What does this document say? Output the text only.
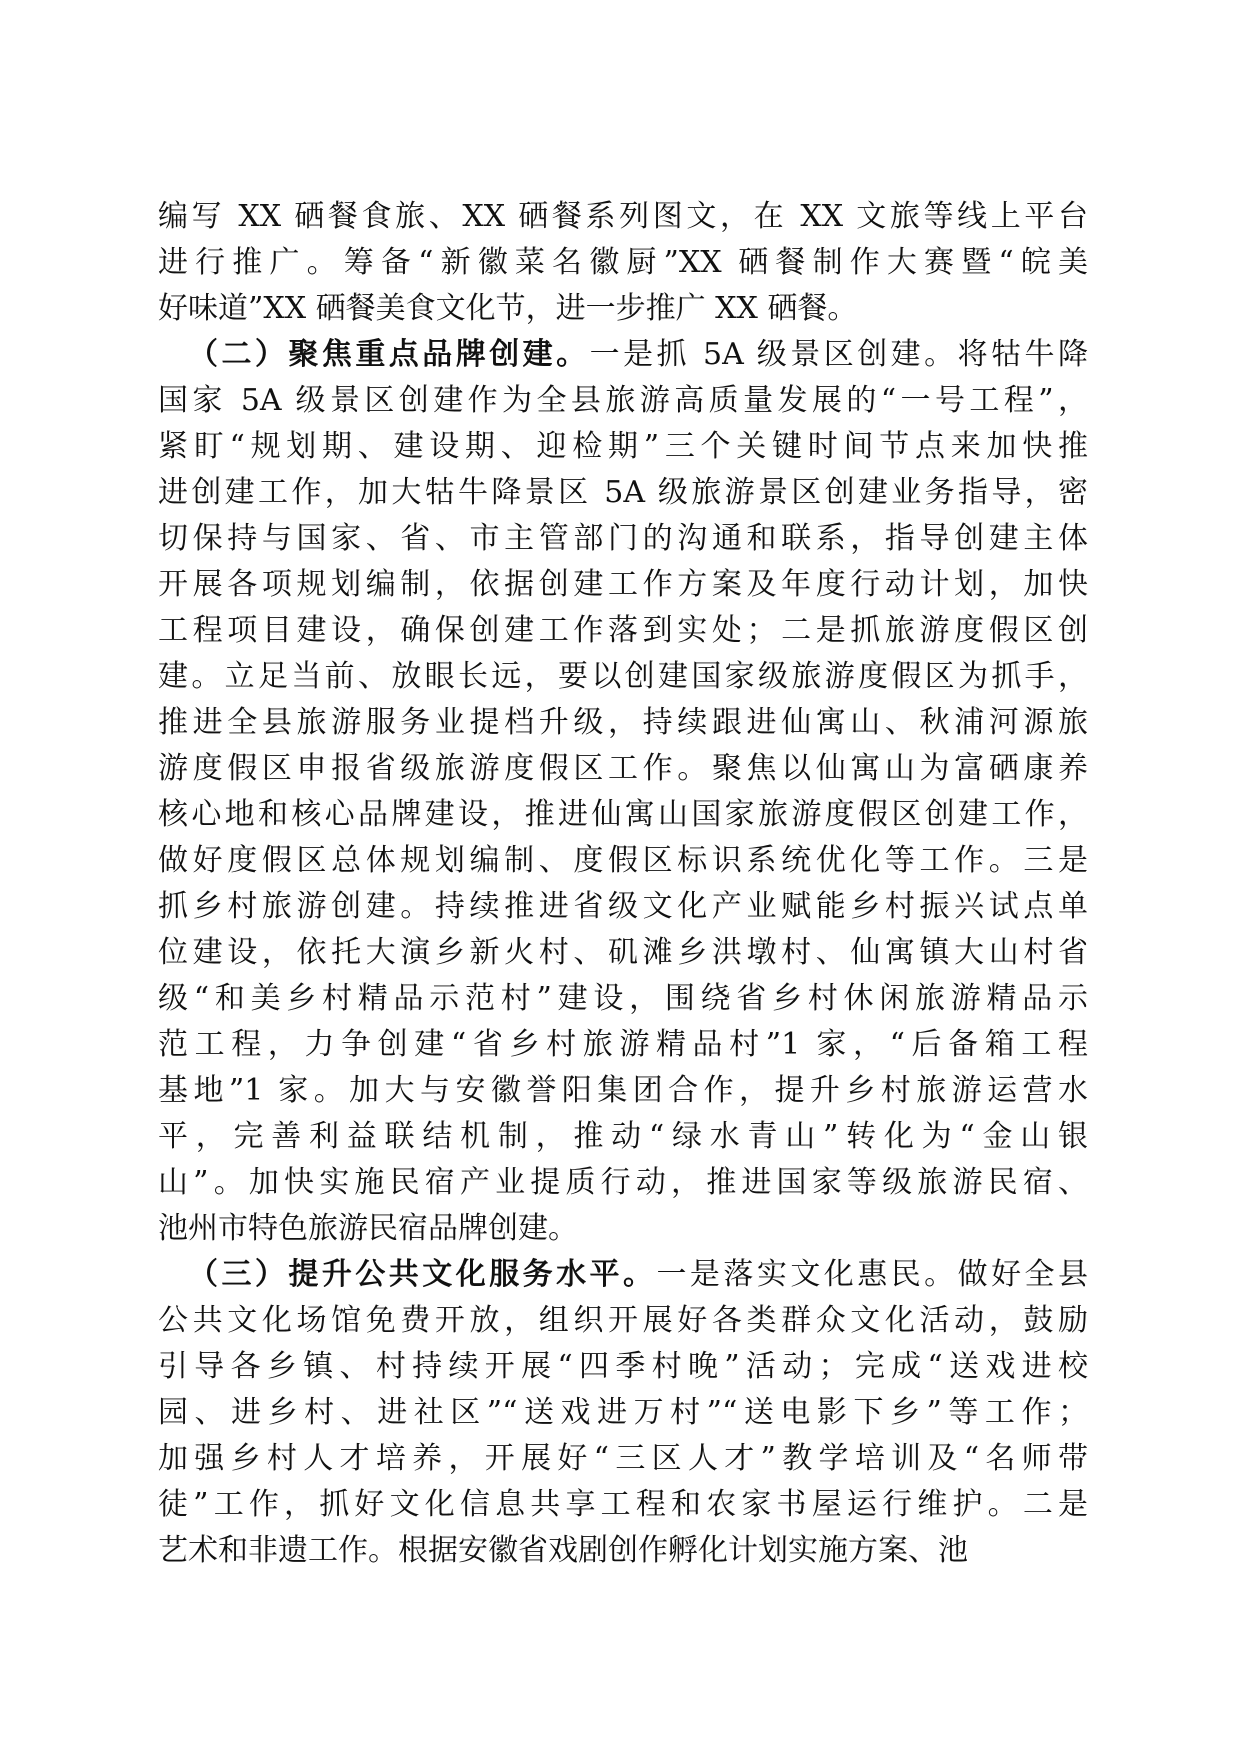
编写 XX 硒餐食旅、XX 硒餐系列图文，在 XX 文旅等线上平台
进行推广。筹备“新徽菜名徽厨”XX 硒餐制作大赛暨“皖美
好味道”XX 硒餐美食文化节，进一步推广 XX 硒餐。
（二）聚焦重点品牌创建。一是抓 5A 级景区创建。将牯牛降
国家 5A 级景区创建作为全县旅游高质量发展的“一号工程”，
紧盯“规划期、建设期、迎检期”三个关键时间节点来加快推
进创建工作，加大牯牛降景区 5A 级旅游景区创建业务指导，密
切保持与国家、省、市主管部门的沟通和联系，指导创建主体
开展各项规划编制，依据创建工作方案及年度行动计划，加快
工程项目建设，确保创建工作落到实处；二是抓旅游度假区创
建。立足当前、放眼长远，要以创建国家级旅游度假区为抓手，
推进全县旅游服务业提档升级，持续跟进仙寓山、秋浦河源旅
游度假区申报省级旅游度假区工作。聚焦以仙寓山为富硒康养
核心地和核心品牌建设，推进仙寓山国家旅游度假区创建工作，
做好度假区总体规划编制、度假区标识系统优化等工作。三是
抓乡村旅游创建。持续推进省级文化产业赋能乡村振兴试点单
位建设，依托大演乡新火村、矶滩乡洪墩村、仙寓镇大山村省
级“和美乡村精品示范村”建设，围绕省乡村休闲旅游精品示
范工程，力争创建“省乡村旅游精品村”1 家，“后备箱工程
基地”1 家。加大与安徽誉阳集团合作，提升乡村旅游运营水
平，完善利益联结机制，推动“绿水青山”转化为“金山银
山”。加快实施民宿产业提质行动，推进国家等级旅游民宿、
池州市特色旅游民宿品牌创建。
（三）提升公共文化服务水平。一是落实文化惠民。做好全县
公共文化场馆免费开放，组织开展好各类群众文化活动，鼓励
引导各乡镇、村持续开展“四季村晚”活动；完成“送戏进校
园、进乡村、进社区”“送戏进万村”“送电影下乡”等工作；
加强乡村人才培养，开展好“三区人才”教学培训及“名师带
徒”工作，抓好文化信息共享工程和农家书屋运行维护。二是
艺术和非遗工作。根据安徽省戏剧创作孵化计划实施方案、池
